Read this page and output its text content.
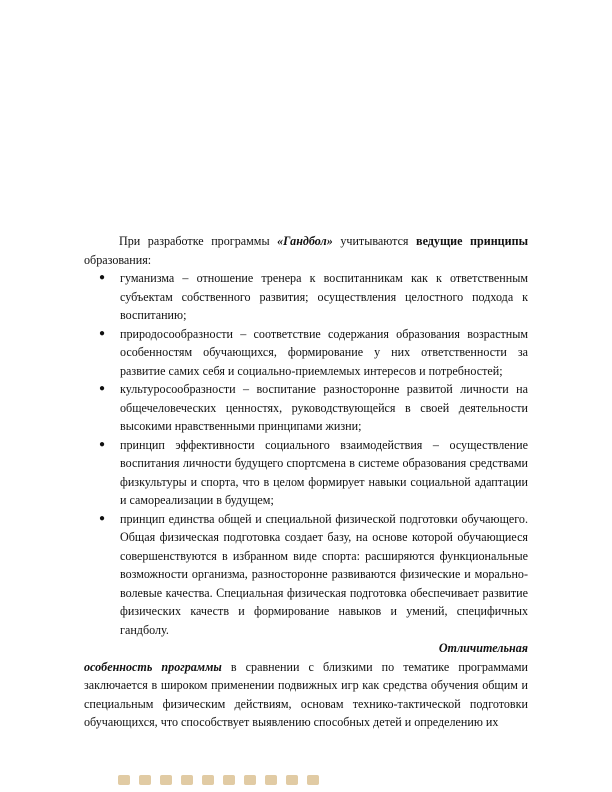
При разработке программы «Гандбол» учитываются ведущие принципы образования:

● гуманизма – отношение тренера к воспитанникам как к ответственным субъектам собственного развития; осуществления целостного подхода к воспитанию;
● природосообразности – соответствие содержания образования возрастным особенностям обучающихся, формирование у них ответственности за развитие самих себя и социально-приемлемых интересов и потребностей;
● культуросообразности – воспитание разносторонне развитой личности на общечеловеческих ценностях, руководствующейся в своей деятельности высокими нравственными принципами жизни;
● принцип эффективности социального взаимодействия – осуществление воспитания личности будущего спортсмена в системе образования средствами физкультуры и спорта, что в целом формирует навыки социальной адаптации и самореализации в будущем;
● принцип единства общей и специальной физической подготовки обучающего. Общая физическая подготовка создает базу, на основе которой обучающиеся совершенствуются в избранном виде спорта: расширяются функциональные возможности организма, разносторонне развиваются физические и морально-волевые качества. Специальная физическая подготовка обеспечивает развитие физических качеств и формирование навыков и умений, специфичных гандболу.

Отличительная

особенность программы в сравнении с близкими по тематике программами заключается в широком применении подвижных игр как средства обучения общим и специальным физическим действиям, основам технико-тактической подготовки обучающихся, что способствует выявлению способных детей и определению их
